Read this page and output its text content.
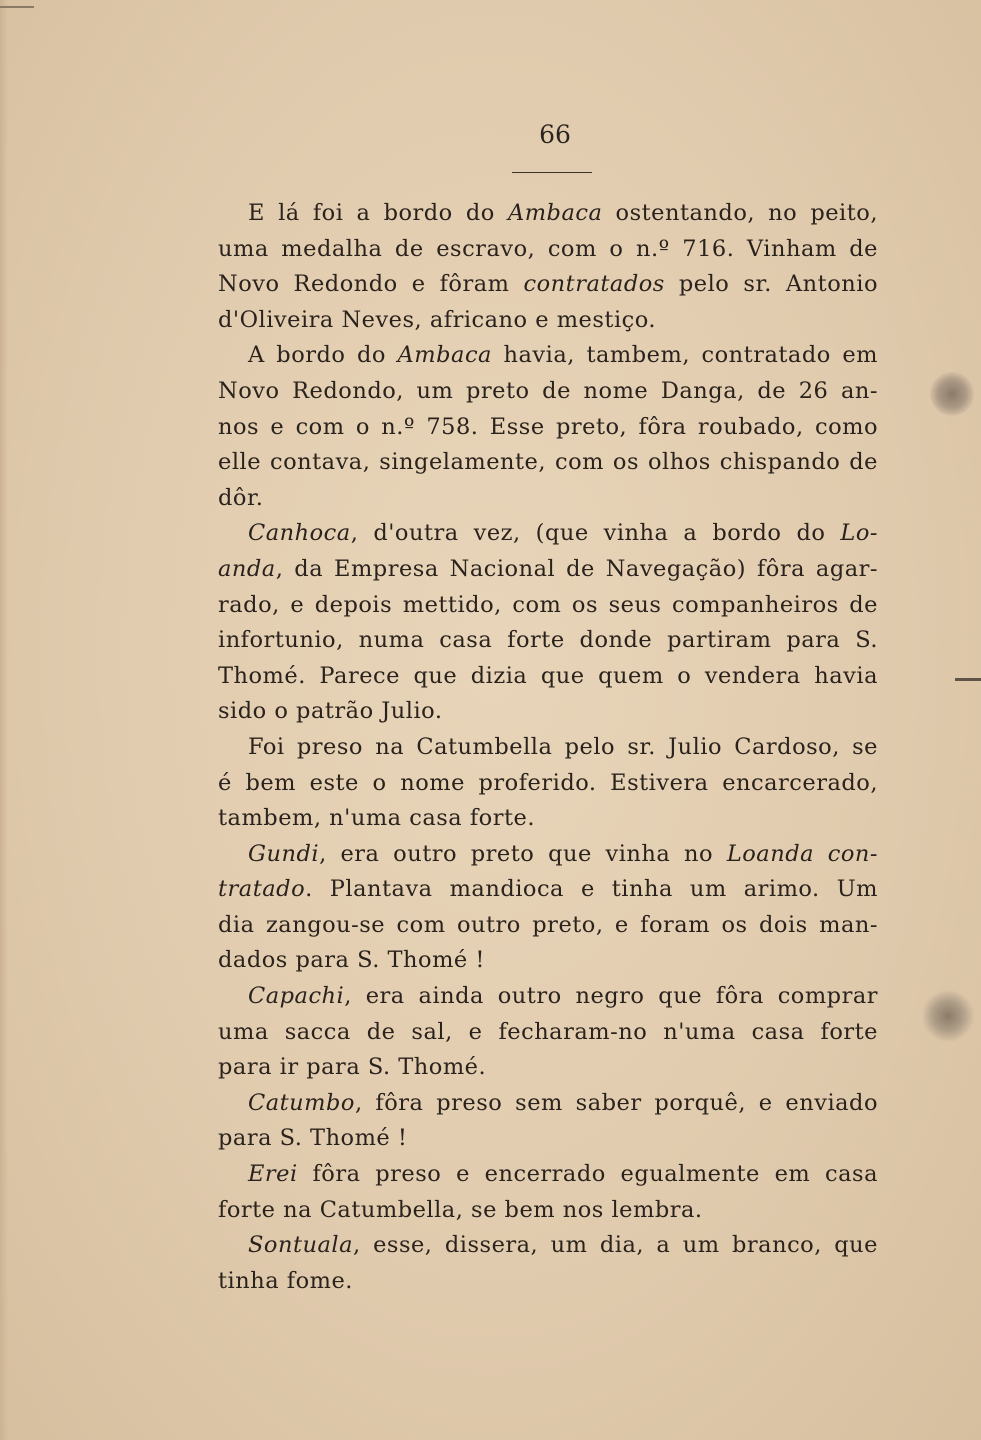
66
E lá foi a bordo do Ambaca ostentando, no peito,
uma medalha de escravo, com o n.º 716. Vinham de
Novo Redondo e fôram contratados pelo sr. Antonio
d'Oliveira Neves, africano e mestiço.
A bordo do Ambaca havia, tambem, contratado em
Novo Redondo, um preto de nome Danga, de 26 an-
nos e com o n.º 758. Esse preto, fôra roubado, como
elle contava, singelamente, com os olhos chispando de
dôr.
Canhoca, d'outra vez, (que vinha a bordo do Lo-
anda, da Empresa Nacional de Navegação) fôra agar-
rado, e depois mettido, com os seus companheiros de
infortunio, numa casa forte donde partiram para S.
Thomé. Parece que dizia que quem o vendera havia
sido o patrão Julio.
Foi preso na Catumbella pelo sr. Julio Cardoso, se
é bem este o nome proferido. Estivera encarcerado,
tambem, n'uma casa forte.
Gundi, era outro preto que vinha no Loanda con-
tratado. Plantava mandioca e tinha um arimo. Um
dia zangou-se com outro preto, e foram os dois man-
dados para S. Thomé !
Capachi, era ainda outro negro que fôra comprar
uma sacca de sal, e fecharam-no n'uma casa forte
para ir para S. Thomé.
Catumbo, fôra preso sem saber porquê, e enviado
para S. Thomé !
Erei fôra preso e encerrado egualmente em casa
forte na Catumbella, se bem nos lembra.
Sontuala, esse, dissera, um dia, a um branco, que
tinha fome.
